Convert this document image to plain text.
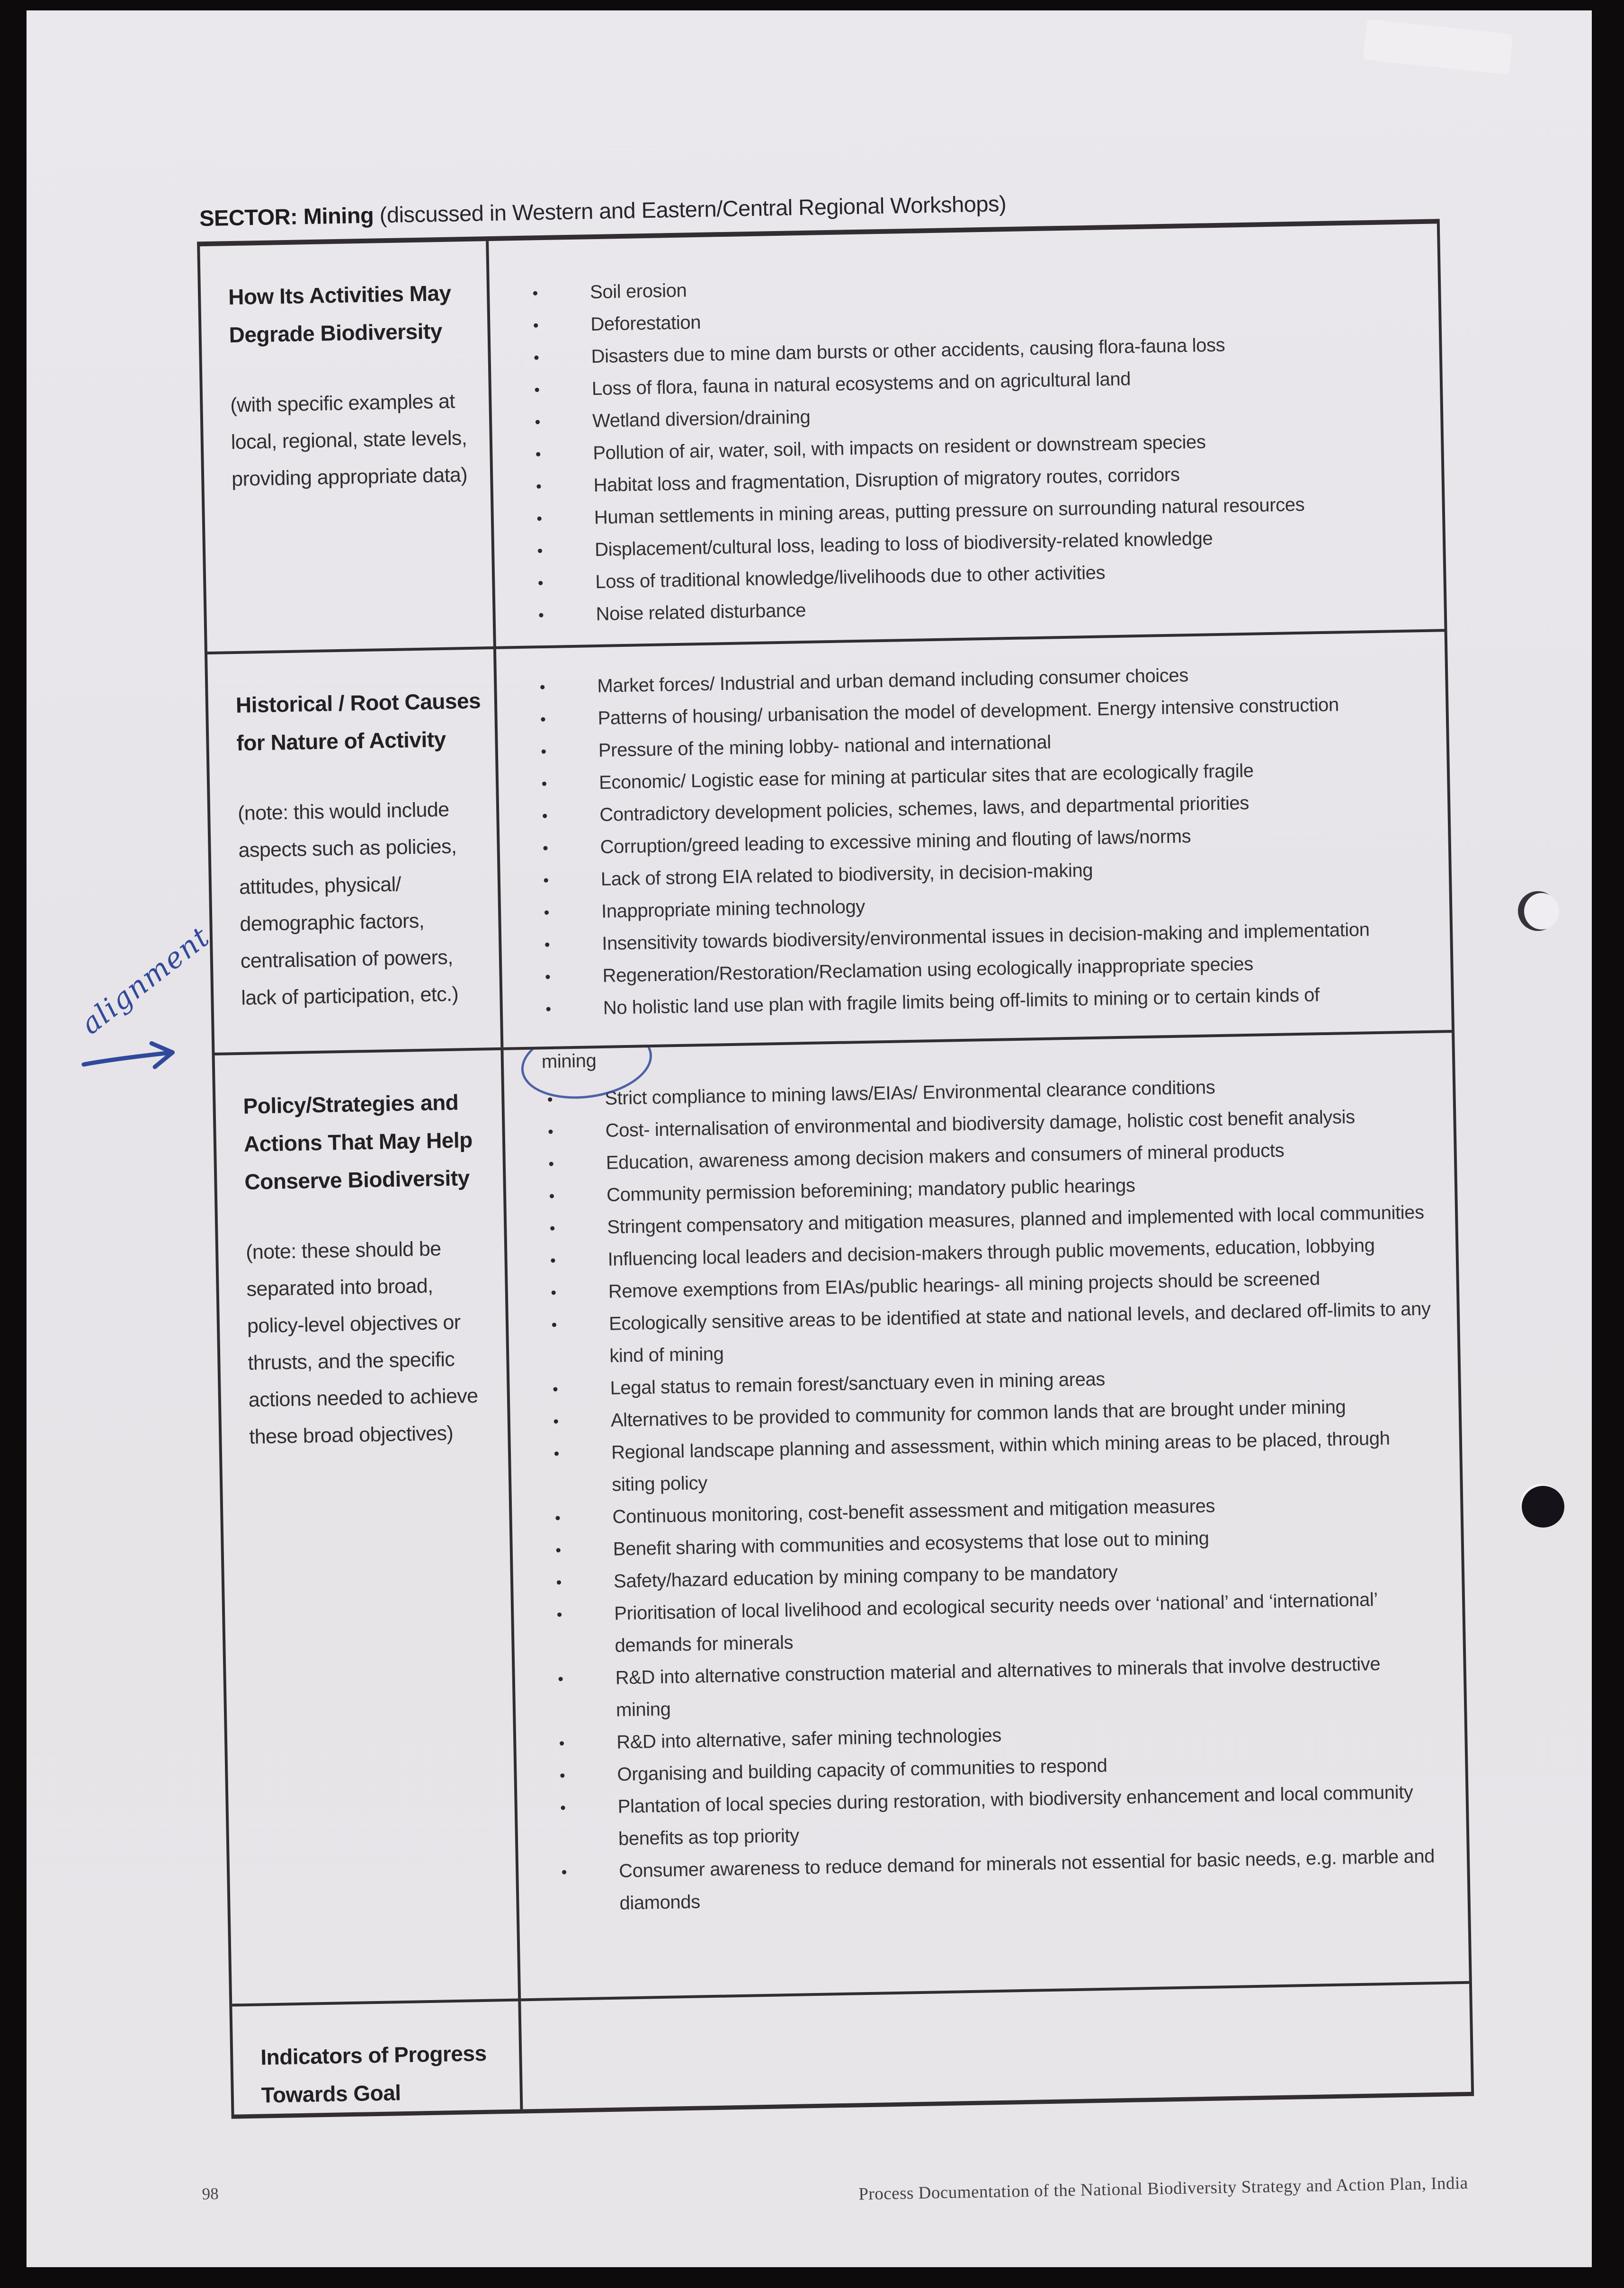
SECTOR: Mining (discussed in Western and Eastern/Central Regional Workshops)
How Its Activities May Degrade Biodiversity
(with specific examples at local, regional, state levels, providing appropriate data)
● Soil erosion
● Deforestation
● Disasters due to mine dam bursts or other accidents, causing flora-fauna loss
● Loss of flora, fauna in natural ecosystems and on agricultural land
● Wetland diversion/draining
● Pollution of air, water, soil, with impacts on resident or downstream species
● Habitat loss and fragmentation, Disruption of migratory routes, corridors
● Human settlements in mining areas, putting pressure on surrounding natural resources
● Displacement/cultural loss, leading to loss of biodiversity-related knowledge
● Loss of traditional knowledge/livelihoods due to other activities
● Noise related disturbance
Historical / Root Causes for Nature of Activity
(note: this would include aspects such as policies, attitudes, physical/ demographic factors, centralisation of powers, lack of participation, etc.)
● Market forces/ Industrial and urban demand including consumer choices
● Patterns of housing/ urbanisation the model of development. Energy intensive construction
● Pressure of the mining lobby- national and international
● Economic/ Logistic ease for mining at particular sites that are ecologically fragile
● Contradictory development policies, schemes, laws, and departmental priorities
● Corruption/greed leading to excessive mining and flouting of laws/norms
● Lack of strong EIA related to biodiversity, in decision-making
● Inappropriate mining technology
● Insensitivity towards biodiversity/environmental issues in decision-making and implementation
● Regeneration/Restoration/Reclamation using ecologically inappropriate species
● No holistic land use plan with fragile limits being off-limits to mining or to certain kinds of
Policy/Strategies and Actions That May Help Conserve Biodiversity
(note: these should be separated into broad, policy-level objectives or thrusts, and the specific actions needed to achieve these broad objectives)
mining
● Strict compliance to mining laws/EIAs/ Environmental clearance conditions
● Cost- internalisation of environmental and biodiversity damage, holistic cost benefit analysis
● Education, awareness among decision makers and consumers of mineral products
● Community permission beforemining; mandatory public hearings
● Stringent compensatory and mitigation measures, planned and implemented with local communities
● Influencing local leaders and decision-makers through public movements, education, lobbying
● Remove exemptions from EIAs/public hearings- all mining projects should be screened
● Ecologically sensitive areas to be identified at state and national levels, and declared off-limits to any kind of mining
● Legal status to remain forest/sanctuary even in mining areas
● Alternatives to be provided to community for common lands that are brought under mining
● Regional landscape planning and assessment, within which mining areas to be placed, through siting policy
● Continuous monitoring, cost-benefit assessment and mitigation measures
● Benefit sharing with communities and ecosystems that lose out to mining
● Safety/hazard education by mining company to be mandatory
● Prioritisation of local livelihood and ecological security needs over ‘national’ and ‘international’ demands for minerals
● R&D into alternative construction material and alternatives to minerals that involve destructive mining
● R&D into alternative, safer mining technologies
● Organising and building capacity of communities to respond
● Plantation of local species during restoration, with biodiversity enhancement and local community benefits as top priority
● Consumer awareness to reduce demand for minerals not essential for basic needs, e.g. marble and diamonds
Indicators of Progress Towards Goal
alignment
98	Process Documentation of the National Biodiversity Strategy and Action Plan, India
